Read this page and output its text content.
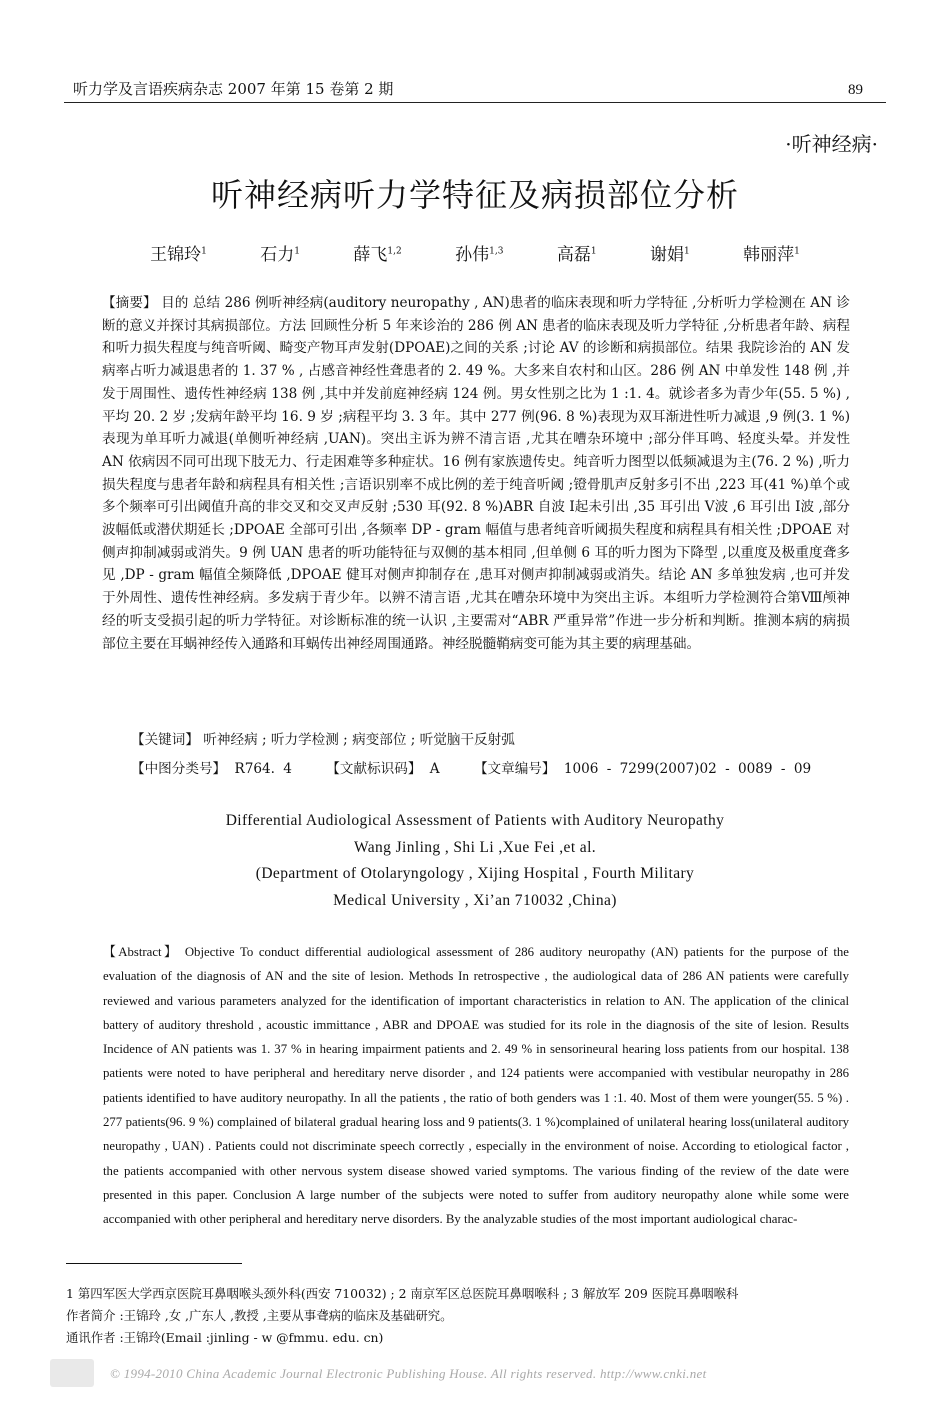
听力学及言语疾病杂志 2007 年第 15 卷第 2 期	89
·听神经病·
听神经病听力学特征及病损部位分析
王锦玲$^1$	石力$^1$	薛飞$^{1,2}$	孙伟$^{1,3}$	高磊$^1$	谢娟$^1$	韩丽萍$^1$
【摘要】 目的 总结 286 例听神经病(auditory neuropathy , AN)患者的临床表现和听力学特征 ,分析听力学检测在 AN 诊断的意义并探讨其病损部位。方法 回顾性分析 5 年来诊治的 286 例 AN 患者的临床表现及听力学特征 ,分析患者年龄、病程和听力损失程度与纯音听阈、畸变产物耳声发射(DPOAE)之间的关系 ;讨论 AV 的诊断和病损部位。结果 我院诊治的 AN 发病率占听力减退患者的 1. 37 % , 占感音神经性聋患者的 2. 49 %。大多来自农村和山区。286 例 AN 中单发性 148 例 ,并发于周围性、遗传性神经病 138 例 ,其中并发前庭神经病 124 例。男女性别之比为 1 :1. 4。就诊者多为青少年(55. 5 %) ,平均 20. 2 岁 ;发病年龄平均 16. 9 岁 ;病程平均 3. 3 年。其中 277 例(96. 8 %)表现为双耳渐进性听力减退 ,9 例(3. 1 %)表现为单耳听力减退(单侧听神经病 ,UAN)。突出主诉为辨不清言语 ,尤其在嘈杂环境中 ;部分伴耳鸣、轻度头晕。并发性 AN 依病因不同可出现下肢无力、行走困难等多种症状。16 例有家族遗传史。纯音听力图型以低频减退为主(76. 2 %) ,听力损失程度与患者年龄和病程具有相关性 ;言语识别率不成比例的差于纯音听阈 ;镫骨肌声反射多引不出 ,223 耳(41 %)单个或多个频率可引出阈值升高的非交叉和交叉声反射 ;530 耳(92. 8 %)ABR 自波 Ⅰ起未引出 ,35 耳引出 Ⅴ波 ,6 耳引出 Ⅰ波 ,部分波幅低或潜伏期延长 ;DPOAE 全部可引出 ,各频率 DP - gram 幅值与患者纯音听阈损失程度和病程具有相关性 ;DPOAE 对侧声抑制减弱或消失。9 例 UAN 患者的听功能特征与双侧的基本相同 ,但单侧 6 耳的听力图为下降型 ,以重度及极重度聋多见 ,DP - gram 幅值全频降低 ,DPOAE 健耳对侧声抑制存在 ,患耳对侧声抑制减弱或消失。结论 AN 多单独发病 ,也可并发于外周性、遗传性神经病。多发病于青少年。以辨不清言语 ,尤其在嘈杂环境中为突出主诉。本组听力学检测符合第Ⅷ颅神经的听支受损引起的听力学特征。对诊断标准的统一认识 ,主要需对“ABR 严重异常”作进一步分析和判断。推测本病的病损部位主要在耳蜗神经传入通路和耳蜗传出神经周围通路。神经脱髓鞘病变可能为其主要的病理基础。
【关键词】 听神经病 ; 听力学检测 ; 病变部位 ; 听觉脑干反射弧
【中图分类号】 R764. 4	【文献标识码】 A	【文章编号】 1006 - 7299(2007)02 - 0089 - 09
Differential Audiological Assessment of Patients with Auditory Neuropathy
Wang Jinling , Shi Li ,Xue Fei ,et al.
(Department of Otolaryngology , Xijing Hospital , Fourth Military
Medical University , Xi’an 710032 ,China)
【Abstract】 Objective To conduct differential audiological assessment of 286 auditory neuropathy (AN) patients for the purpose of the evaluation of the diagnosis of AN and the site of lesion. Methods In retrospective , the audiological data of 286 AN patients were carefully reviewed and various parameters analyzed for the identification of important characteristics in relation to AN. The application of the clinical battery of auditory threshold , acoustic immittance , ABR and DPOAE was studied for its role in the diagnosis of the site of lesion. Results Incidence of AN patients was 1. 37 % in hearing impairment patients and 2. 49 % in sensorineural hearing loss patients from our hospital. 138 patients were noted to have peripheral and hereditary nerve disorder , and 124 patients were accompanied with vestibular neuropathy in 286 patients identified to have auditory neuropathy. In all the patients , the ratio of both genders was 1 :1. 40. Most of them were younger(55. 5 %) . 277 patients(96. 9 %) complained of bilateral gradual hearing loss and 9 patients(3. 1 %)complained of unilateral hearing loss(unilateral auditory neuropathy , UAN) . Patients could not discriminate speech correctly , especially in the environment of noise. According to etiological factor , the patients accompanied with other nervous system disease showed varied symptoms. The various finding of the review of the date were presented in this paper. Conclusion A large number of the subjects were noted to suffer from auditory neuropathy alone while some were accompanied with other peripheral and hereditary nerve disorders. By the analyzable studies of the most important audiological charac-
1 第四军医大学西京医院耳鼻咽喉头颈外科(西安 710032) ; 2 南京军区总医院耳鼻咽喉科 ; 3 解放军 209 医院耳鼻咽喉科
作者简介 :王锦玲 ,女 ,广东人 ,教授 ,主要从事聋病的临床及基础研究。
通讯作者 :王锦玲(Email :jinling - w @fmmu. edu. cn)
© 1994-2010 China Academic Journal Electronic Publishing House. All rights reserved. http://www.cnki.net
